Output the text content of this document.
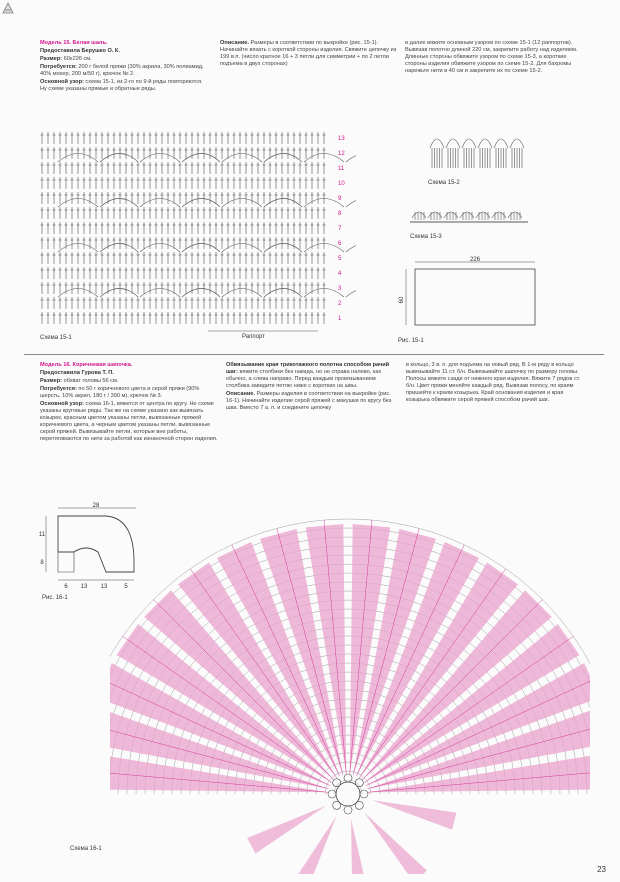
Модель 15. Белая шаль.

Предоставила Берушко О. К.

Размер: 60х226 см.

Потребуется: 200 г белой пряжи (30% акрила, 30% полиамид, 40% мохер, 200 м/50 г), крючок № 2.

Основной узор: схема 15-1, из 2-го по 9-й ряды повторяются. Ну схеме указаны прямые и обратные ряды.

Описание. Размеры в соответствии по выкройке (рис. 15-1). Начинайте вязать с короткой стороны изделия. Свяжите цепочку из 199 в.п. (число кратное 16 + 3 петли для симметрии + по 2 петли подъема в двух сторонах)

13
12
11
10
9
8
7
6
5
4
3
2
1
Схема 15-1	Раппорт

и далее вяжите основным узором по схеме 15-1 (12 раппортов). Вывязав полотно длиной 220 см, закрепите работу над изделием. Длинные стороны обвяжите узором по схеме 15-3, а короткие стороны изделия обвяжите узором по схеме 15-2. Для бахромы нарежьте нити в 40 см и закрепите их по схеме 15-2.

Схема 15-2
Схема 15-3
226
60
Рис. 15-1

Модель 16. Коричневая шапочка.

Предоставила Гурова Т. П.

Размер: обхват головы 56 см.

Потребуется: по 50 г коричневого цвета и серой пряжи (90% шерсть, 10% акрил, 180 г / 390 м), крючок № 3.

Основной узор: схема 16-1, вяжется от центра по кругу. Не схеме указаны круговые ряды. Так же на схеме указано как вывязать козырек, красным цветом указаны петли, вывязанные пряжей коричневого цвета, а черным цветом указаны петли, вывязанные серой пряжей. Вывязывайте петли, которые вне работы, перетягиваются по нити за работой как изнаночной сторон изделия.

Обвязывание края трикотажного полотна способом рачий шаг: вяжите столбики без накида, но не справа налево, как обычно, а слева направо. Перед каждым провязыванием столбика заведите петлю ниже с коротких на швы.

Описание. Размеры изделия в соответствии на выкройке (рис. 16-1). Начинайте изделие серой пряжей с макушки по кругу без шва. Вместо 7 а. п. и соедините цепочку

в кольцо, 3 в. п. для подъема на новый ряд. В 1-м ряду в кольцо вывязывайте 11 ст. б/н. Вывязывайте шапочку по размеру головы. Полосы вяжите сзади от нижнего края изделия. Вяжите 7 рядов ст. б/н. Цвет пряжи меняйте каждый ряд. Вывязав полосу, по краям пришейте к краям козырька. Край основания изделия и края козырька обвяжите серой пряжей способом рачий шаг.

28
11
8
6 13 13	5
Рис. 16-1
Схема 16-1
23
